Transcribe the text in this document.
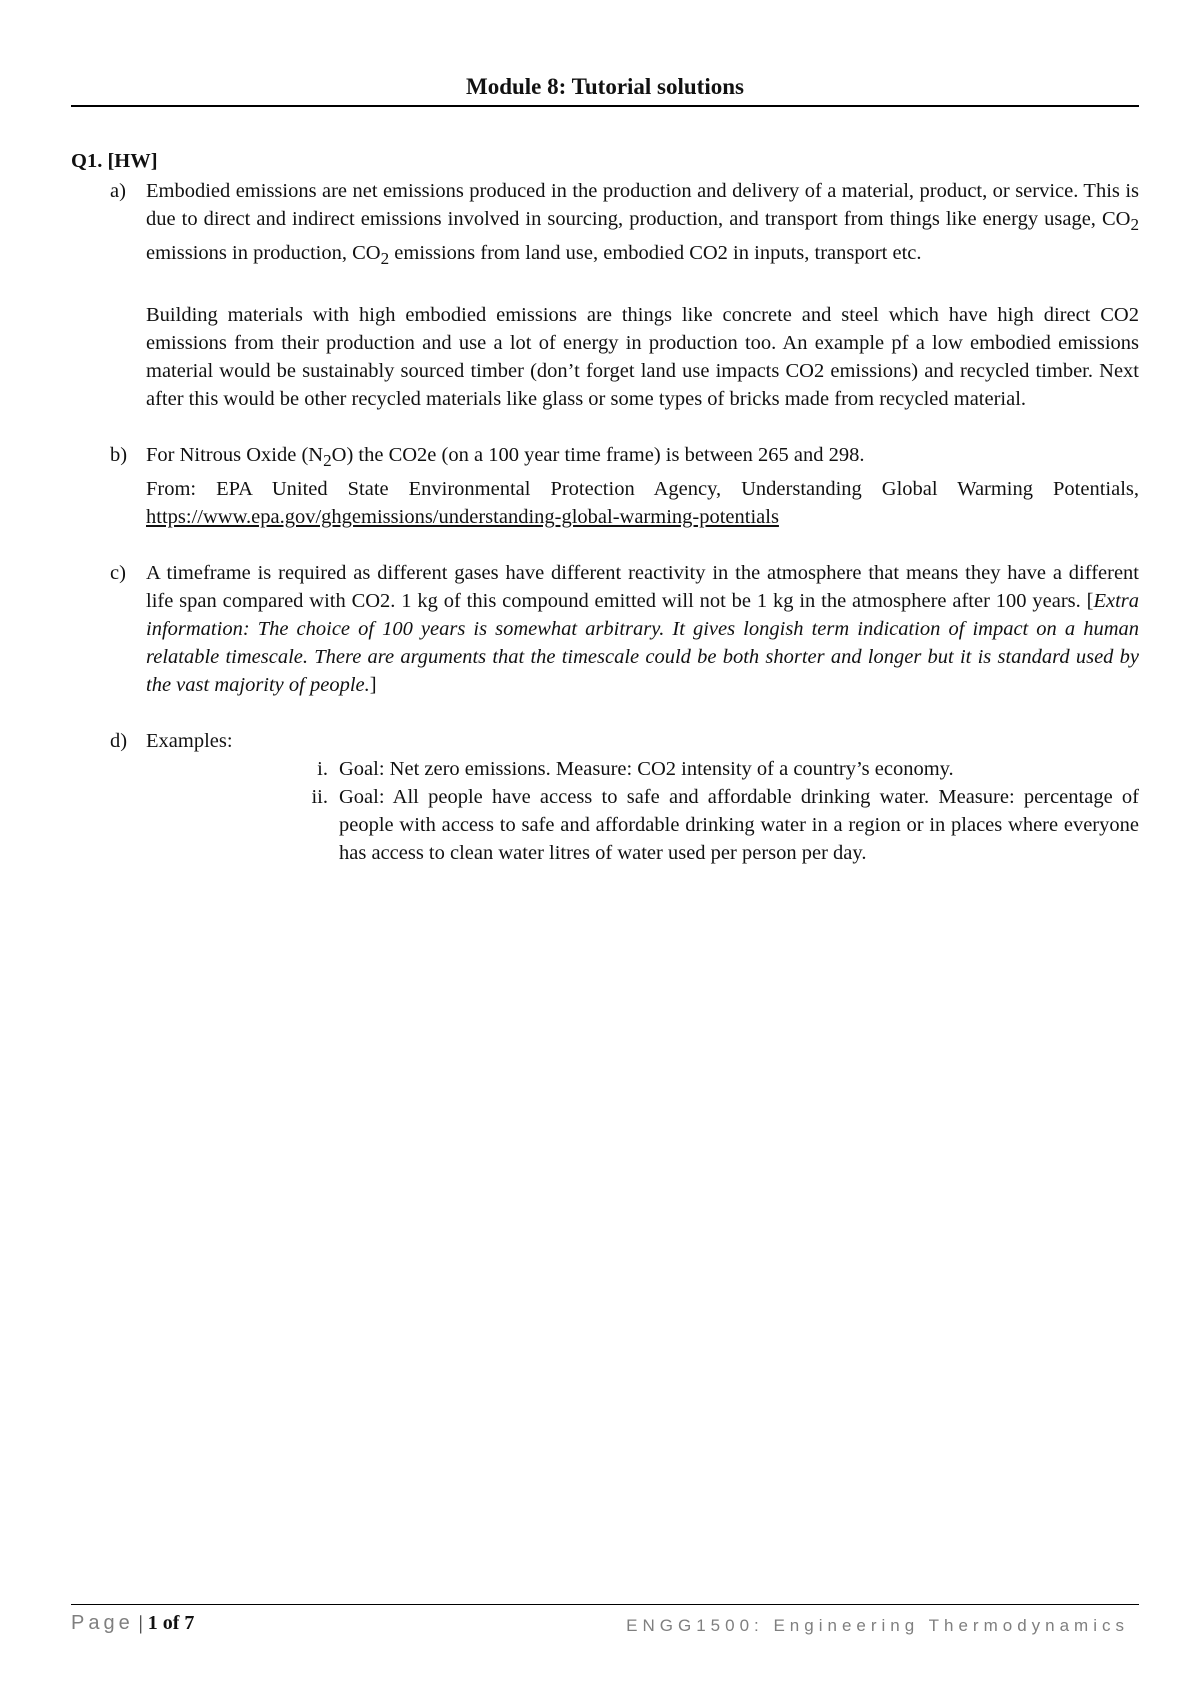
Module 8: Tutorial solutions
Q1. [HW]
a) Embodied emissions are net emissions produced in the production and delivery of a material, product, or service. This is due to direct and indirect emissions involved in sourcing, production, and transport from things like energy usage, $CO_2$ emissions in production, $CO_2$ emissions from land use, embodied CO2 in inputs, transport etc.

Building materials with high embodied emissions are things like concrete and steel which have high direct CO2 emissions from their production and use a lot of energy in production too. An example pf a low embodied emissions material would be sustainably sourced timber (don’t forget land use impacts CO2 emissions) and recycled timber. Next after this would be other recycled materials like glass or some types of bricks made from recycled material.

b) For Nitrous Oxide $(N_2O)$ the CO2e (on a 100 year time frame) is between 265 and 298.

From: EPA United State Environmental Protection Agency, Understanding Global Warming Potentials, https://www.epa.gov/ghgemissions/understanding-global-warming-potentials

c) A timeframe is required as different gases have different reactivity in the atmosphere that means they have a different life span compared with CO2. 1 kg of this compound emitted will not be 1 kg in the atmosphere after 100 years. [Extra information: The choice of 100 years is somewhat arbitrary. It gives longish term indication of impact on a human relatable timescale. There are arguments that the timescale could be both shorter and longer but it is standard used by the vast majority of people.]

d) Examples:

i. Goal: Net zero emissions. Measure: CO2 intensity of a country’s economy.
ii. Goal: All people have access to safe and affordable drinking water. Measure: percentage of people with access to safe and affordable drinking water in a region or in places where everyone has access to clean water litres of water used per person per day.
Page | 1 of 7	ENGG1500: Engineering Thermodynamics
